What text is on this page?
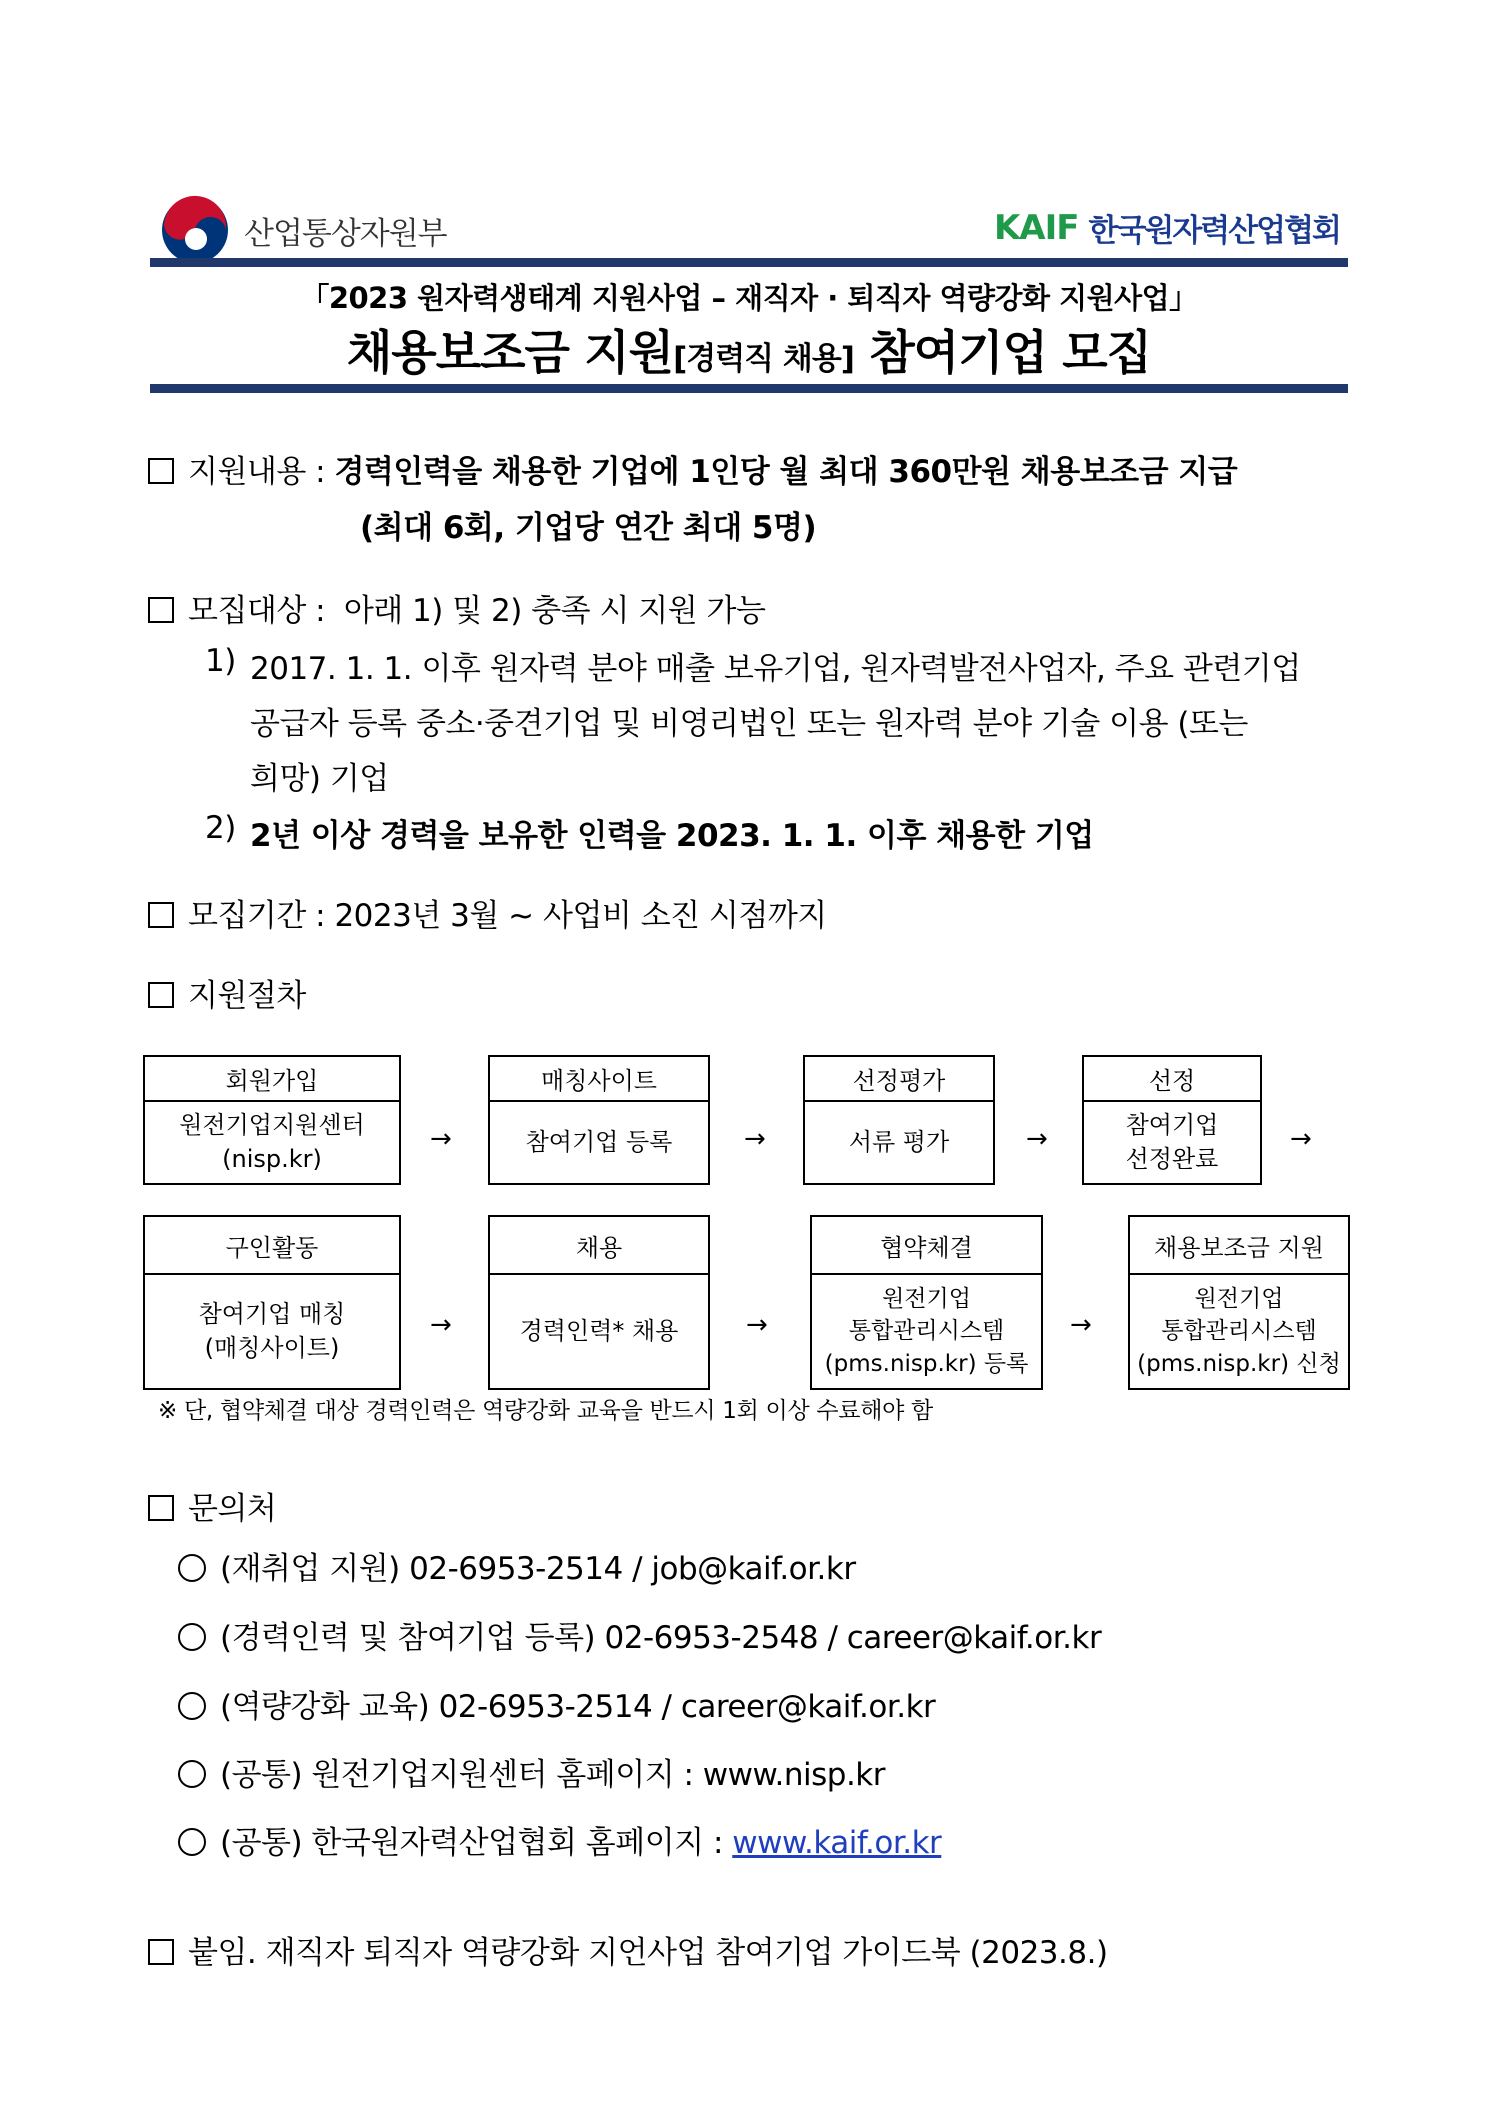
산업통상자원부	KAIF 한국원자력산업협회
「2023 원자력생태계 지원사업 – 재직자 · 퇴직자 역량강화 지원사업」
채용보조금 지원[경력직 채용] 참여기업 모집
지원내용 : 경력인력을 채용한 기업에 1인당 월 최대 360만원 채용보조금 지급
(최대 6회, 기업당 연간 최대 5명)
모집대상 : 아래 1) 및 2) 충족 시 지원 가능
1) 2017. 1. 1. 이후 원자력 분야 매출 보유기업, 원자력발전사업자, 주요 관련기업
공급자 등록 중소·중견기업 및 비영리법인 또는 원자력 분야 기술 이용 (또는
희망) 기업
2) 2년 이상 경력을 보유한 인력을 2023. 1. 1. 이후 채용한 기업
모집기간 : 2023년 3월 ~ 사업비 소진 시점까지
지원절차
회원가입
원전기업지원센터
(nisp.kr)
→
매칭사이트
참여기업 등록	→
선정평가
서류 평가	→
선정
참여기업
선정완료
→
구인활동
참여기업 매칭
(매칭사이트)
→
채용
경력인력* 채용	→
협약체결
원전기업
통합관리시스템
(pms.nisp.kr) 등록
→
채용보조금 지원
원전기업
통합관리시스템
(pms.nisp.kr) 신청
※ 단, 협약체결 대상 경력인력은 역량강화 교육을 반드시 1회 이상 수료해야 함
문의처
(재취업 지원) 02-6953-2514 / job@kaif.or.kr
(경력인력 및 참여기업 등록) 02-6953-2548 / career@kaif.or.kr
(역량강화 교육) 02-6953-2514 / career@kaif.or.kr
(공통) 원전기업지원센터 홈페이지 : www.nisp.kr
(공통) 한국원자력산업협회 홈페이지 : www.kaif.or.kr
붙임. 재직자 퇴직자 역량강화 지언사업 참여기업 가이드북 (2023.8.)
